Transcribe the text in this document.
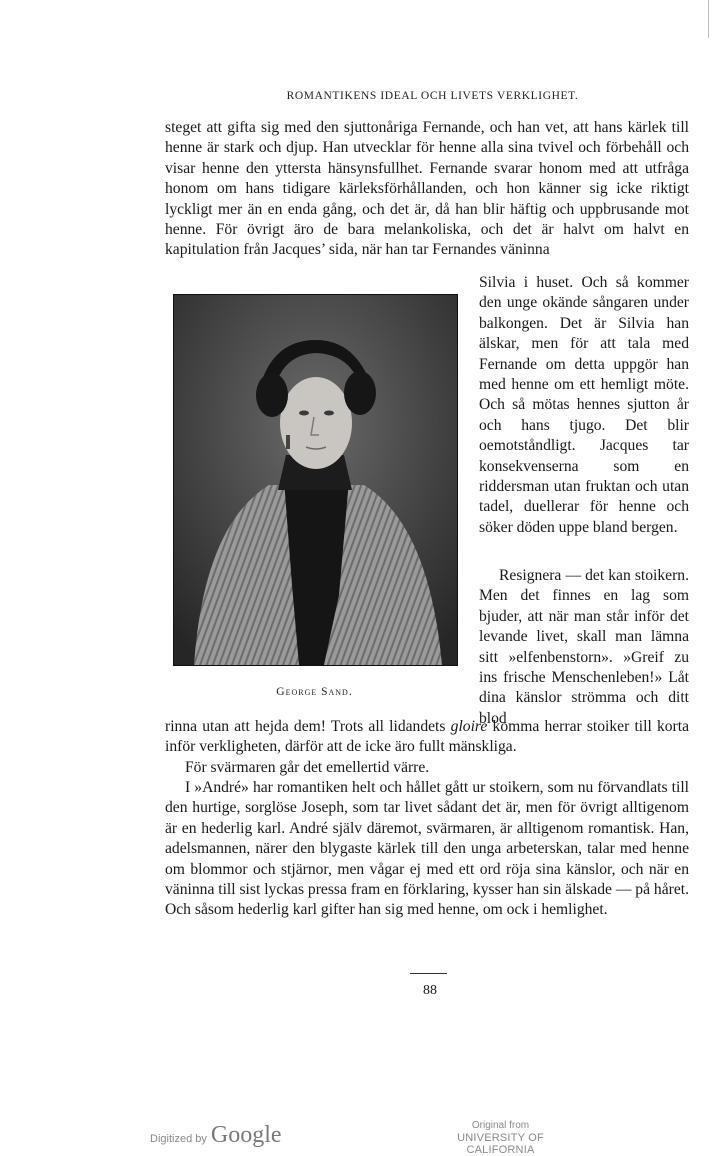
ROMANTIKENS IDEAL OCH LIVETS VERKLIGHET.

steget att gifta sig med den sjuttonåriga Fernande, och han vet, att hans kärlek till henne är stark och djup. Han utvecklar för henne alla sina tvivel och förbehåll och visar henne den yttersta hänsynsfullhet. Fernande svarar honom med att utfråga honom om hans tidigare kärleksförhållanden, och hon känner sig icke riktigt lyckligt mer än en enda gång, och det är, då han blir häftig och uppbrusande mot henne. För övrigt äro de bara melankoliska, och det är halvt om halvt en kapitulation från Jacques’ sida, när han tar Fernandes väninna

George Sand.

Silvia i huset. Och så kommer den unge okände sångaren under balkongen. Det är Silvia han älskar, men för att tala med Fernande om detta uppgör han med henne om ett hemligt möte. Och så mötas hennes sjutton år och hans tjugo. Det blir oemotståndligt. Jacques tar konsekvenserna som en riddersman utan fruktan och utan tadel, duellerar för henne och söker döden uppe bland bergen.

Resignera — det kan stoikern. Men det finnes en lag som bjuder, att när man står inför det levande livet, skall man lämna sitt »elfenbenstorn». »Greif zu ins frische Menschenleben!» Låt dina känslor strömma och ditt blod

rinna utan att hejda dem! Trots all lidandets gloire komma herrar stoiker till korta inför verkligheten, därför att de icke äro fullt mänskliga.

För svärmaren går det emellertid värre.

I »André» har romantiken helt och hållet gått ur stoikern, som nu förvandlats till den hurtige, sorglöse Joseph, som tar livet sådant det är, men för övrigt alltigenom är en hederlig karl. André själv däremot, svärmaren, är alltigenom romantisk. Han, adelsmannen, närer den blygaste kärlek till den unga arbeterskan, talar med henne om blommor och stjärnor, men vågar ej med ett ord röja sina känslor, och när en väninna till sist lyckas pressa fram en förklaring, kysser han sin älskade — på håret. Och såsom hederlig karl gifter han sig med henne, om ock i hemlighet.

88
Digitized by Google	Original from
UNIVERSITY OF CALIFORNIA
